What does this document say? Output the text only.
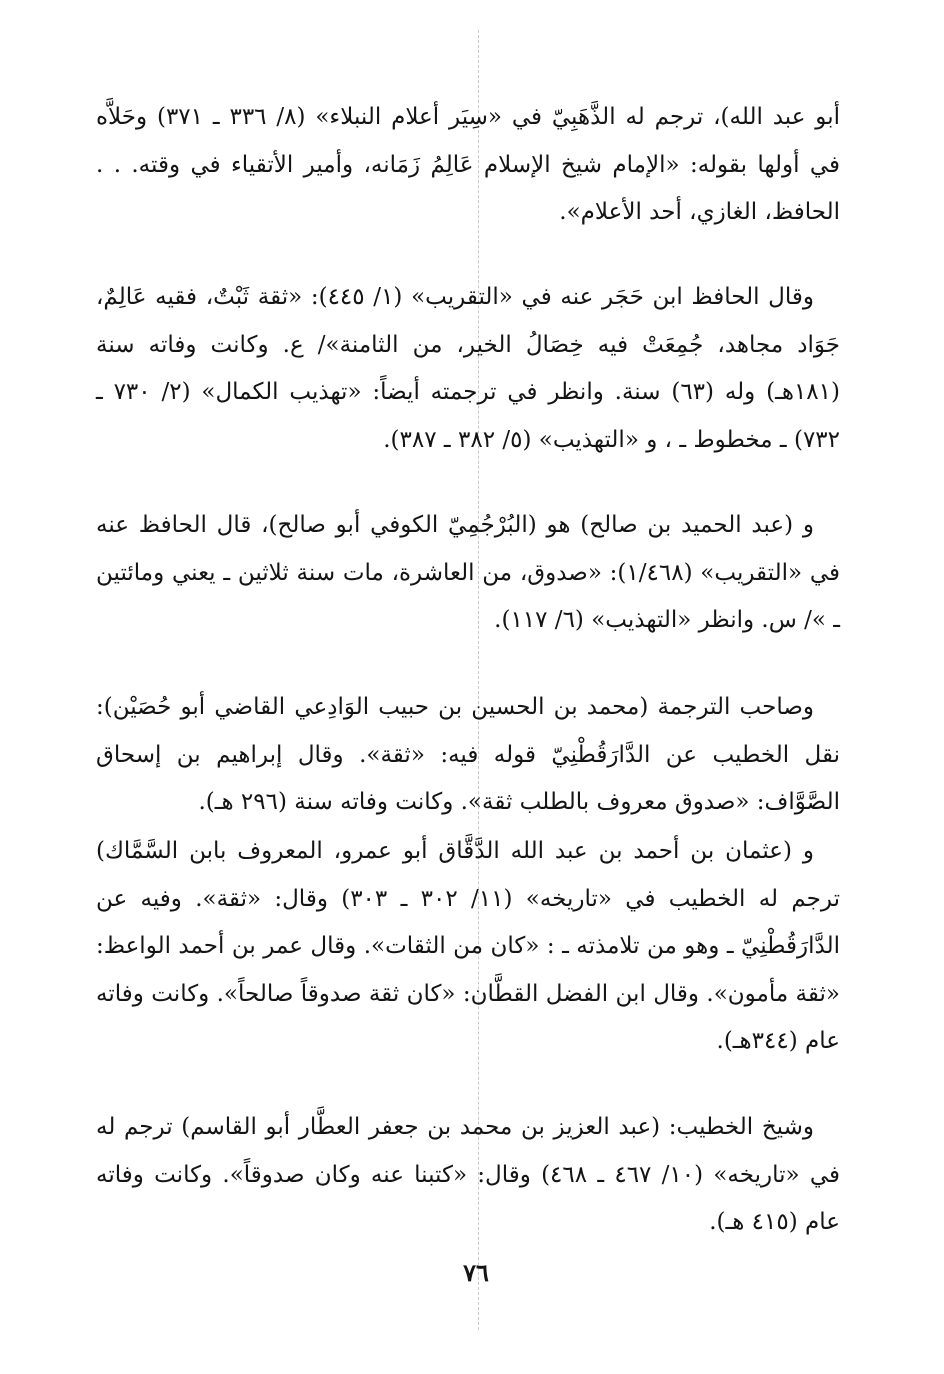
أبو عبد الله)، ترجم له الذَّهَبِيّ في «سِيَر أعلام النبلاء» (٨/ ٣٣٦ ـ ٣٧١) وحَلاَّه في أولها بقوله: «الإمام شيخ الإسلام عَالِمُ زَمَانه، وأمير الأتقياء في وقته. . . الحافظ، الغازي، أحد الأعلام».

وقال الحافظ ابن حَجَر عنه في «التقريب» (١/ ٤٤٥): «ثقة ثَبْتٌ، فقيه عَالِمٌ، جَوَاد مجاهد، جُمِعَتْ فيه خِصَالُ الخير، من الثامنة»/ ع. وكانت وفاته سنة (١٨١هـ) وله (٦٣) سنة. وانظر في ترجمته أيضاً: «تهذيب الكمال» (٢/ ٧٣٠ ـ ٧٣٢) ـ مخطوط ـ ، و «التهذيب» (٥/ ٣٨٢ ـ ٣٨٧).

و (عبد الحميد بن صالح) هو (البُرْجُمِيّ الكوفي أبو صالح)، قال الحافظ عنه في «التقريب» (١/٤٦٨): «صدوق، من العاشرة، مات سنة ثلاثين ـ يعني ومائتين ـ »/ س. وانظر «التهذيب» (٦/ ١١٧).

وصاحب الترجمة (محمد بن الحسين بن حبيب الوَادِعي القاضي أبو حُصَيْن): نقل الخطيب عن الدَّارَقُطْنِيّ قوله فيه: «ثقة». وقال إبراهيم بن إسحاق الصَّوَّاف: «صدوق معروف بالطلب ثقة». وكانت وفاته سنة (٢٩٦ هـ).

و (عثمان بن أحمد بن عبد الله الدَّقَّاق أبو عمرو، المعروف بابن السَّمَّاك) ترجم له الخطيب في «تاريخه» (١١/ ٣٠٢ ـ ٣٠٣) وقال: «ثقة». وفيه عن الدَّارَقُطْنِيّ ـ وهو من تلامذته ـ : «كان من الثقات». وقال عمر بن أحمد الواعظ: «ثقة مأمون». وقال ابن الفضل القطَّان: «كان ثقة صدوقاً صالحاً». وكانت وفاته عام (٣٤٤هـ).

وشيخ الخطيب: (عبد العزيز بن محمد بن جعفر العطَّار أبو القاسم) ترجم له في «تاريخه» (١٠/ ٤٦٧ ـ ٤٦٨) وقال: «كتبنا عنه وكان صدوقاً». وكانت وفاته عام (٤١٥ هـ).

٧٦
